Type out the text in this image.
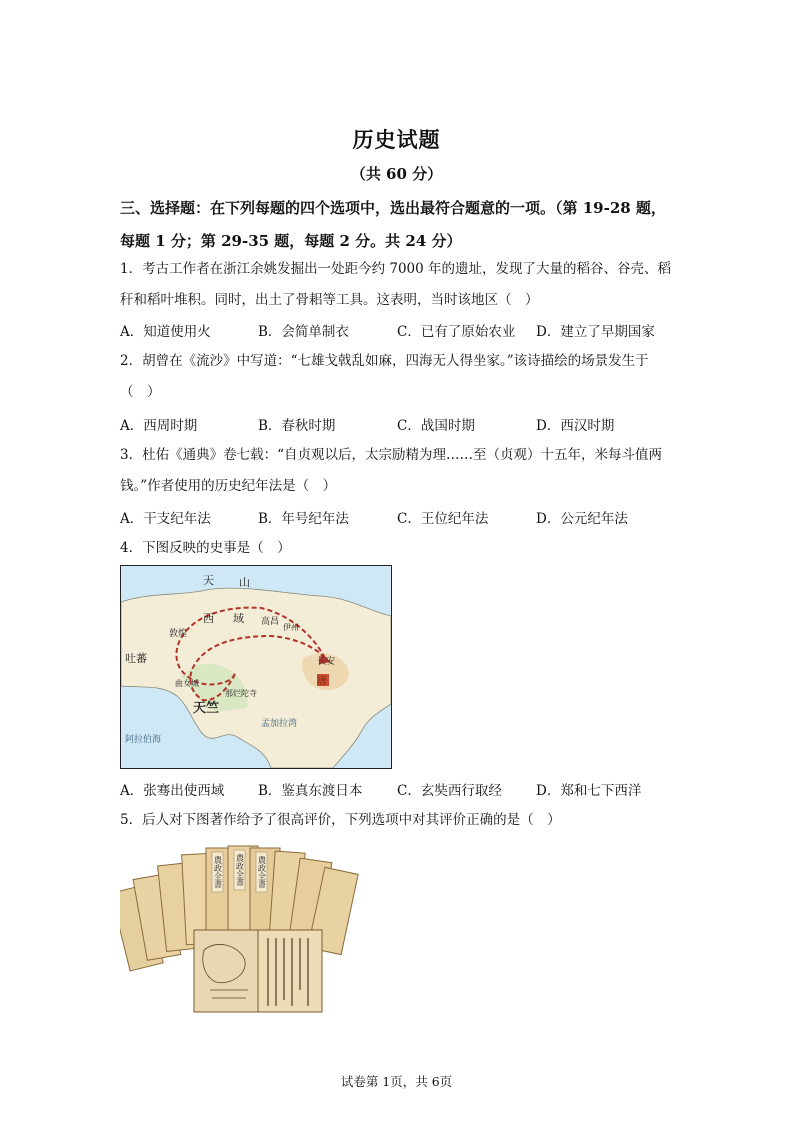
历史试题
（共 60 分）
三、选择题：在下列每题的四个选项中，选出最符合题意的一项。（第 19-28 题，每题 1 分；第 29-35 题，每题 2 分。共 24 分）
1．考古工作者在浙江余姚发掘出一处距今约 7000 年的遗址，发现了大量的稻谷、谷壳、稻秆和稻叶堆积。同时，出土了骨耜等工具。这表明，当时该地区（　）
A．知道使用火	B．会简单制衣	C．已有了原始农业 D．建立了早期国家
2．胡曾在《流沙》中写道：“七雄戈戟乱如麻，四海无人得坐家。”该诗描绘的场景发生于（　）
A．西周时期	B．春秋时期	C．战国时期	D．西汉时期
3．杜佑《通典》卷七载：“自贞观以后，太宗励精为理……至（贞观）十五年，米每斗值两钱。”作者使用的历史纪年法是（　）
A．干支纪年法	B．年号纪年法	C．王位纪年法	D．公元纪年法
4．下图反映的史事是（　）
天 山
西 域 高昌
伊州
敦煌
长安
唐
天竺
曲女城
那烂陀寺
阿拉伯海
孟加拉湾
吐蕃
A．张骞出使西域	B．鉴真东渡日本	C．玄奘西行取经	D．郑和七下西洋
5．后人对下图著作给予了很高评价，下列选项中对其评价正确的是（　）
農政全書 農政全書 農政全書
试卷第 1页，共 6页
